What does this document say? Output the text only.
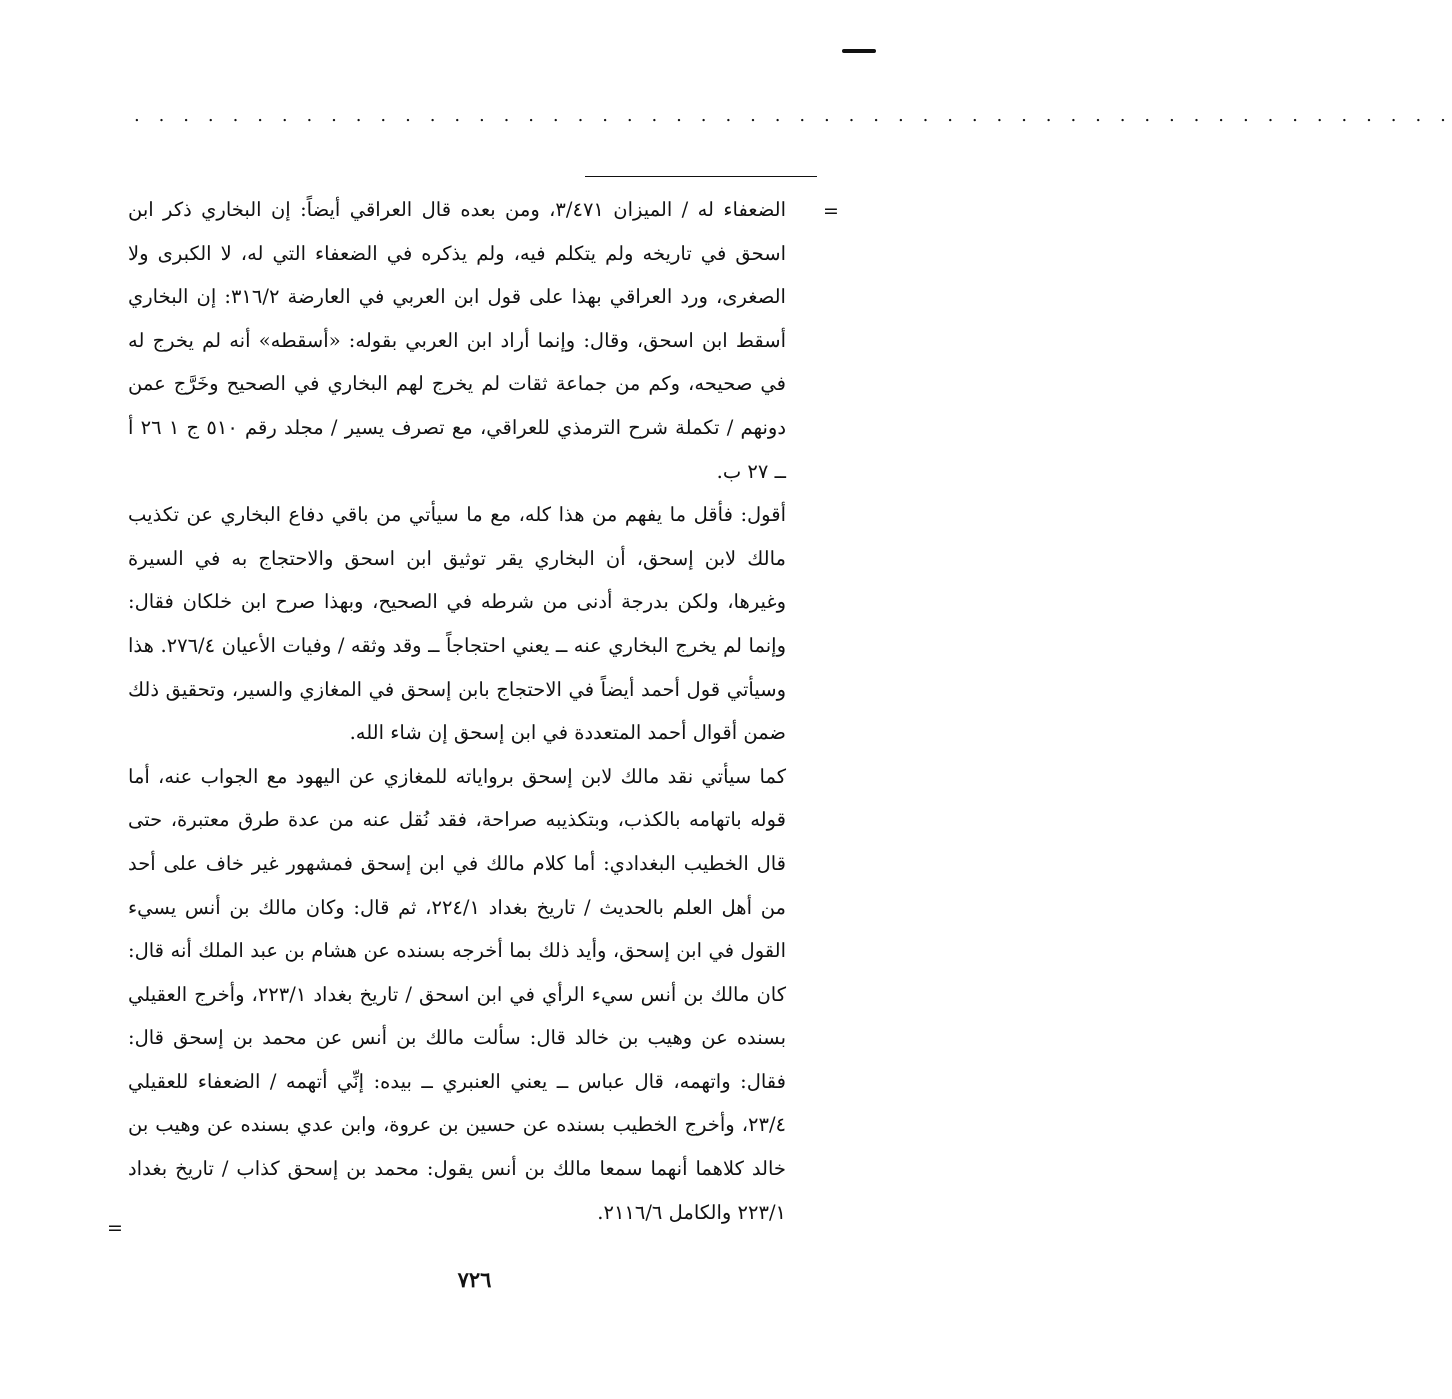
. . . . . . . . . . . . . . . . . . . . . . . . . . . . . . . . . . . . . . . . . . . . . . . . . . . . . .
=

الضعفاء له / الميزان ٣/٤٧١، ومن بعده قال العراقي أيضاً: إن البخاري ذكر ابن اسحق في تاريخه ولم يتكلم فيه، ولم يذكره في الضعفاء التي له، لا الكبرى ولا الصغرى، ورد العراقي بهذا على قول ابن العربي في العارضة ٣١٦/٢: إن البخاري أسقط ابن اسحق، وقال: وإنما أراد ابن العربي بقوله: «أسقطه» أنه لم يخرج له في صحيحه، وكم من جماعة ثقات لم يخرج لهم البخاري في الصحيح وخَرَّج عمن دونهم / تكملة شرح الترمذي للعراقي، مع تصرف يسير / مجلد رقم ٥١٠ ج ١ ٢٦ أ ــ ٢٧ ب.

أقول: فأقل ما يفهم من هذا كله، مع ما سيأتي من باقي دفاع البخاري عن تكذيب مالك لابن إسحق، أن البخاري يقر توثيق ابن اسحق والاحتجاج به في السيرة وغيرها، ولكن بدرجة أدنى من شرطه في الصحيح، وبهذا صرح ابن خلكان فقال: وإنما لم يخرج البخاري عنه ــ يعني احتجاجاً ــ وقد وثقه / وفيات الأعيان ٢٧٦/٤. هذا وسيأتي قول أحمد أيضاً في الاحتجاج بابن إسحق في المغازي والسير، وتحقيق ذلك ضمن أقوال أحمد المتعددة في ابن إسحق إن شاء الله.

كما سيأتي نقد مالك لابن إسحق برواياته للمغازي عن اليهود مع الجواب عنه، أما قوله باتهامه بالكذب، وبتكذيبه صراحة، فقد نُقل عنه من عدة طرق معتبرة، حتى قال الخطيب البغدادي: أما كلام مالك في ابن إسحق فمشهور غير خاف على أحد من أهل العلم بالحديث / تاريخ بغداد ٢٢٤/١، ثم قال: وكان مالك بن أنس يسيء القول في ابن إسحق، وأيد ذلك بما أخرجه بسنده عن هشام بن عبد الملك أنه قال: كان مالك بن أنس سيء الرأي في ابن اسحق / تاريخ بغداد ٢٢٣/١، وأخرج العقيلي بسنده عن وهيب بن خالد قال: سألت مالك بن أنس عن محمد بن إسحق قال: فقال: واتهمه، قال عباس ــ يعني العنبري ــ بيده: إنِّي أتهمه / الضعفاء للعقيلي ٢٣/٤، وأخرج الخطيب بسنده عن حسين بن عروة، وابن عدي بسنده عن وهيب بن خالد كلاهما أنهما سمعا مالك بن أنس يقول: محمد بن إسحق كذاب / تاريخ بغداد ٢٢٣/١ والكامل ٢١١٦/٦.

=
٧٢٦
